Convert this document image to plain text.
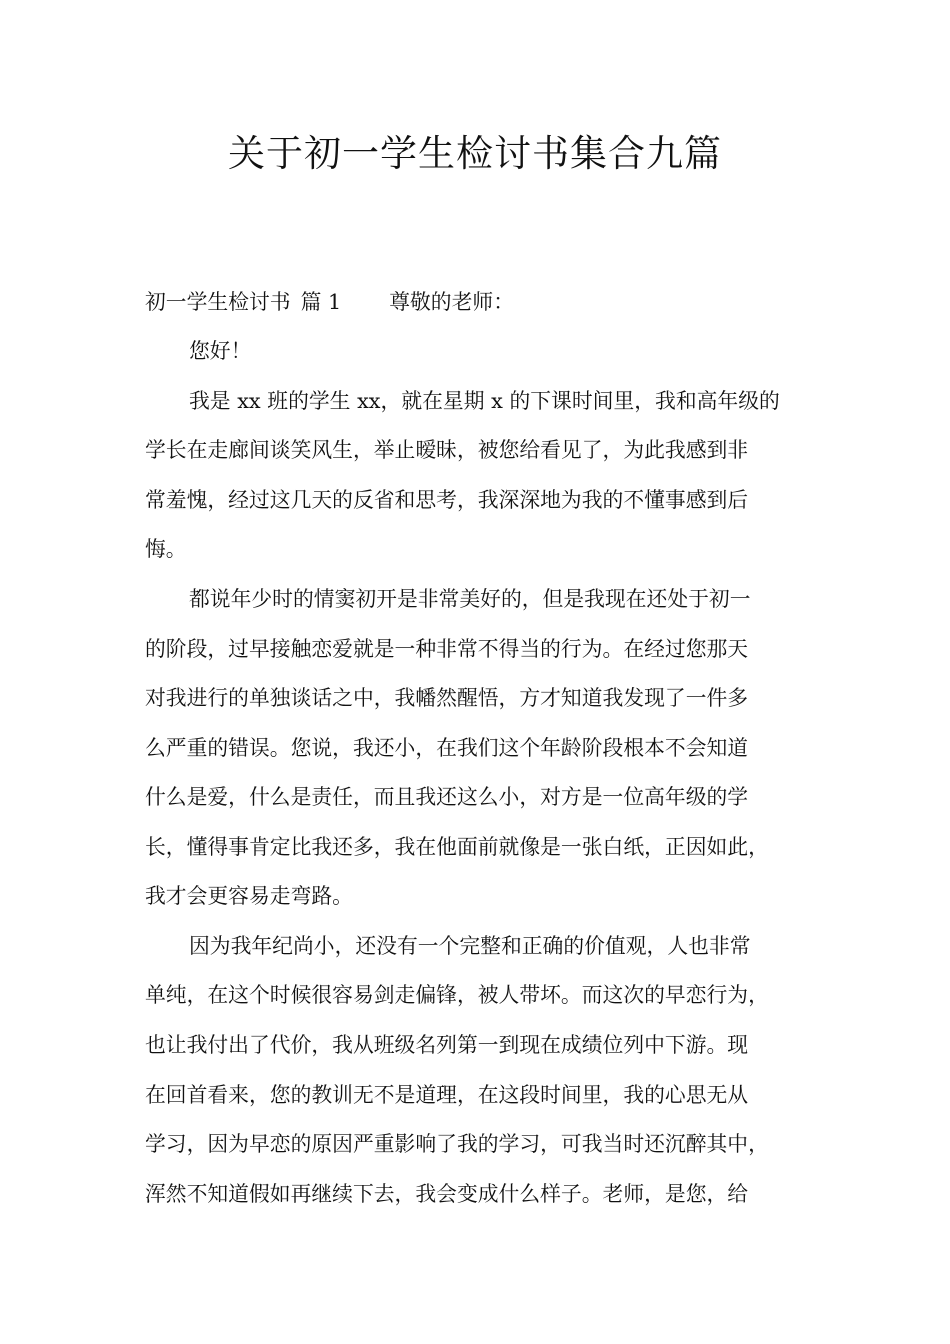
关于初一学生检讨书集合九篇

初一学生检讨书 篇 1 尊敬的老师：

您好！

我是 xx 班的学生 xx，就在星期 x 的下课时间里，我和高年级的

学长在走廊间谈笑风生，举止暧昧，被您给看见了，为此我感到非

常羞愧，经过这几天的反省和思考，我深深地为我的不懂事感到后

悔。

都说年少时的情窦初开是非常美好的，但是我现在还处于初一

的阶段，过早接触恋爱就是一种非常不得当的行为。在经过您那天

对我进行的单独谈话之中，我幡然醒悟，方才知道我发现了一件多

么严重的错误。您说，我还小，在我们这个年龄阶段根本不会知道

什么是爱，什么是责任，而且我还这么小，对方是一位高年级的学

长，懂得事肯定比我还多，我在他面前就像是一张白纸，正因如此，

我才会更容易走弯路。

因为我年纪尚小，还没有一个完整和正确的价值观，人也非常

单纯，在这个时候很容易剑走偏锋，被人带坏。而这次的早恋行为，

也让我付出了代价，我从班级名列第一到现在成绩位列中下游。现

在回首看来，您的教训无不是道理，在这段时间里，我的心思无从

学习，因为早恋的原因严重影响了我的学习，可我当时还沉醉其中，

浑然不知道假如再继续下去，我会变成什么样子。老师，是您，给
